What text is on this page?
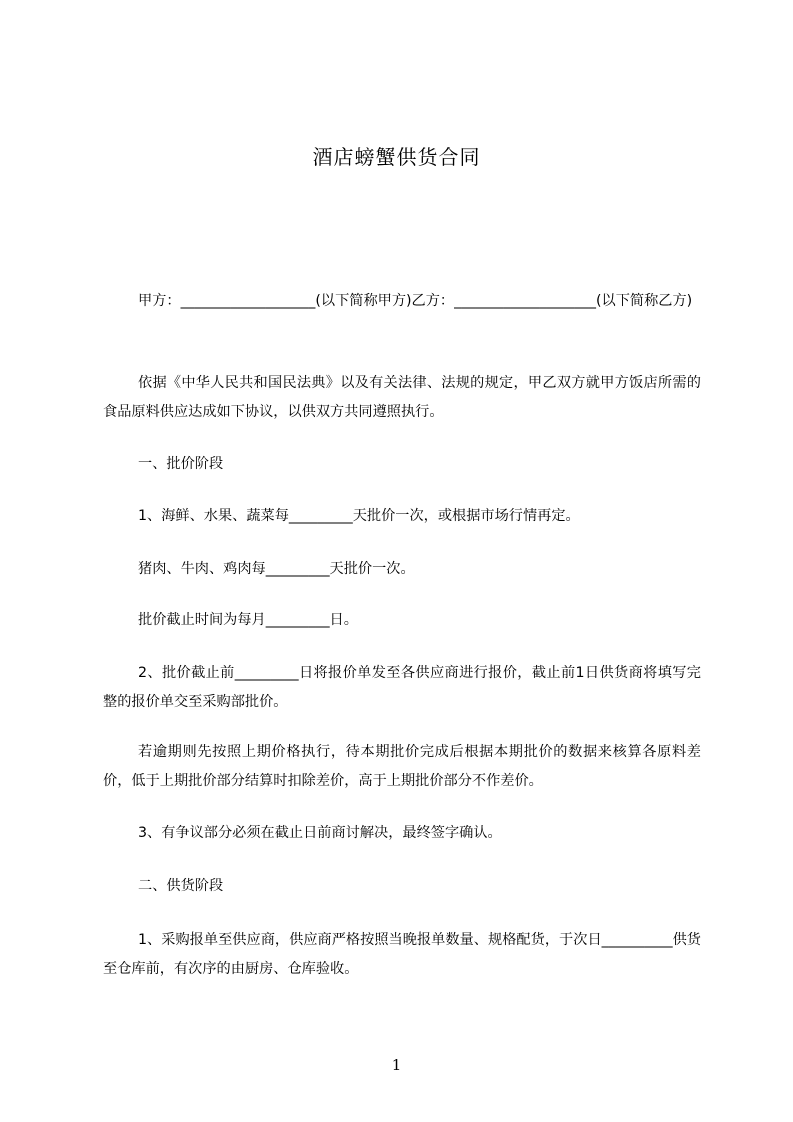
酒店螃蟹供货合同
甲方：___________________(以下简称甲方)乙方：____________________(以下简称乙方)
依据《中华人民共和国民法典》以及有关法律、法规的规定，甲乙双方就甲方饭店所需的食品原料供应达成如下协议，以供双方共同遵照执行。
一、批价阶段
1、海鲜、水果、蔬菜每_________天批价一次，或根据市场行情再定。
猪肉、牛肉、鸡肉每_________天批价一次。
批价截止时间为每月_________日。
2、批价截止前_________日将报价单发至各供应商进行报价，截止前1日供货商将填写完整的报价单交至采购部批价。
若逾期则先按照上期价格执行，待本期批价完成后根据本期批价的数据来核算各原料差价，低于上期批价部分结算时扣除差价，高于上期批价部分不作差价。
3、有争议部分必须在截止日前商讨解决，最终签字确认。
二、供货阶段
1、采购报单至供应商，供应商严格按照当晚报单数量、规格配货，于次日__________供货至仓库前，有次序的由厨房、仓库验收。
1
